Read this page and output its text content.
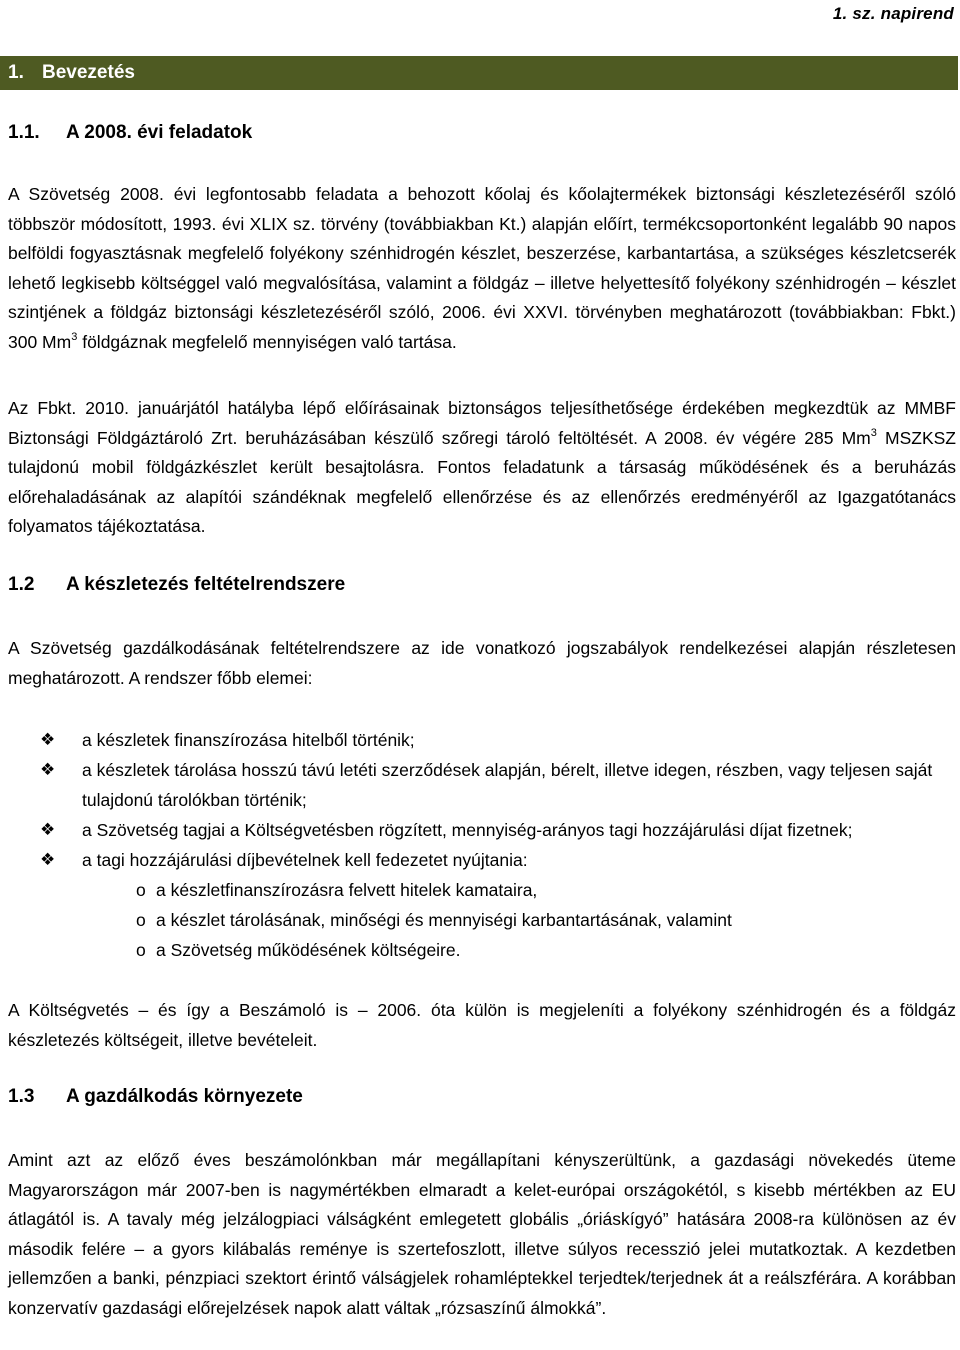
1. sz. napirend
1. Bevezetés
1.1. A 2008. évi feladatok

A Szövetség 2008. évi legfontosabb feladata a behozott kőolaj és kőolajtermékek biztonsági készletezéséről szóló többször módosított, 1993. évi XLIX sz. törvény (továbbiakban Kt.) alapján előírt, termékcsoportonként legalább 90 napos belföldi fogyasztásnak megfelelő folyékony szénhidrogén készlet, beszerzése, karbantartása, a szükséges készletcserék lehető legkisebb költséggel való megvalósítása, valamint a földgáz – illetve helyettesítő folyékony szénhidrogén – készlet szintjének a földgáz biztonsági készletezéséről szóló, 2006. évi XXVI. törvényben meghatározott (továbbiakban: Fbkt.) 300 Mm$^3$ földgáznak megfelelő mennyiségen való tartása.

Az Fbkt. 2010. januárjától hatályba lépő előírásainak biztonságos teljesíthetősége érdekében megkezdtük az MMBF Biztonsági Földgáztároló Zrt. beruházásában készülő szőregi tároló feltöltését. A 2008. év végére 285 Mm$^3$ MSZKSZ tulajdonú mobil földgázkészlet került besajtolásra. Fontos feladatunk a társaság működésének és a beruházás előrehaladásának az alapítói szándéknak megfelelő ellenőrzése és az ellenőrzés eredményéről az Igazgatótanács folyamatos tájékoztatása.

1.2 A készletezés feltételrendszere

A Szövetség gazdálkodásának feltételrendszere az ide vonatkozó jogszabályok rendelkezései alapján részletesen meghatározott. A rendszer főbb elemei:

❖ a készletek finanszírozása hitelből történik;
❖ a készletek tárolása hosszú távú letéti szerződések alapján, bérelt, illetve idegen, részben, vagy teljesen saját tulajdonú tárolókban történik;
❖ a Szövetség tagjai a Költségvetésben rögzített, mennyiség-arányos tagi hozzájárulási díjat fizetnek;
❖ a tagi hozzájárulási díjbevételnek kell fedezetet nyújtania:
o a készletfinanszírozásra felvett hitelek kamataira,
o a készlet tárolásának, minőségi és mennyiségi karbantartásának, valamint
o a Szövetség működésének költségeire.

A Költségvetés – és így a Beszámoló is – 2006. óta külön is megjeleníti a folyékony szénhidrogén és a földgáz készletezés költségeit, illetve bevételeit.

1.3 A gazdálkodás környezete

Amint azt az előző éves beszámolónkban már megállapítani kényszerültünk, a gazdasági növekedés üteme Magyarországon már 2007-ben is nagymértékben elmaradt a kelet-európai országokétól, s kisebb mértékben az EU átlagától is. A tavaly még jelzálogpiaci válságként emlegetett globális „óriáskígyó” hatására 2008-ra különösen az év második felére – a gyors kilábalás reménye is szertefoszlott, illetve súlyos recesszió jelei mutatkoztak. A kezdetben jellemzően a banki, pénzpiaci szektort érintő válságjelek rohamléptekkel terjedtek/terjednek át a reálszférára. A korábban konzervatív gazdasági előrejelzések napok alatt váltak „rózsaszínű álmokká”.
